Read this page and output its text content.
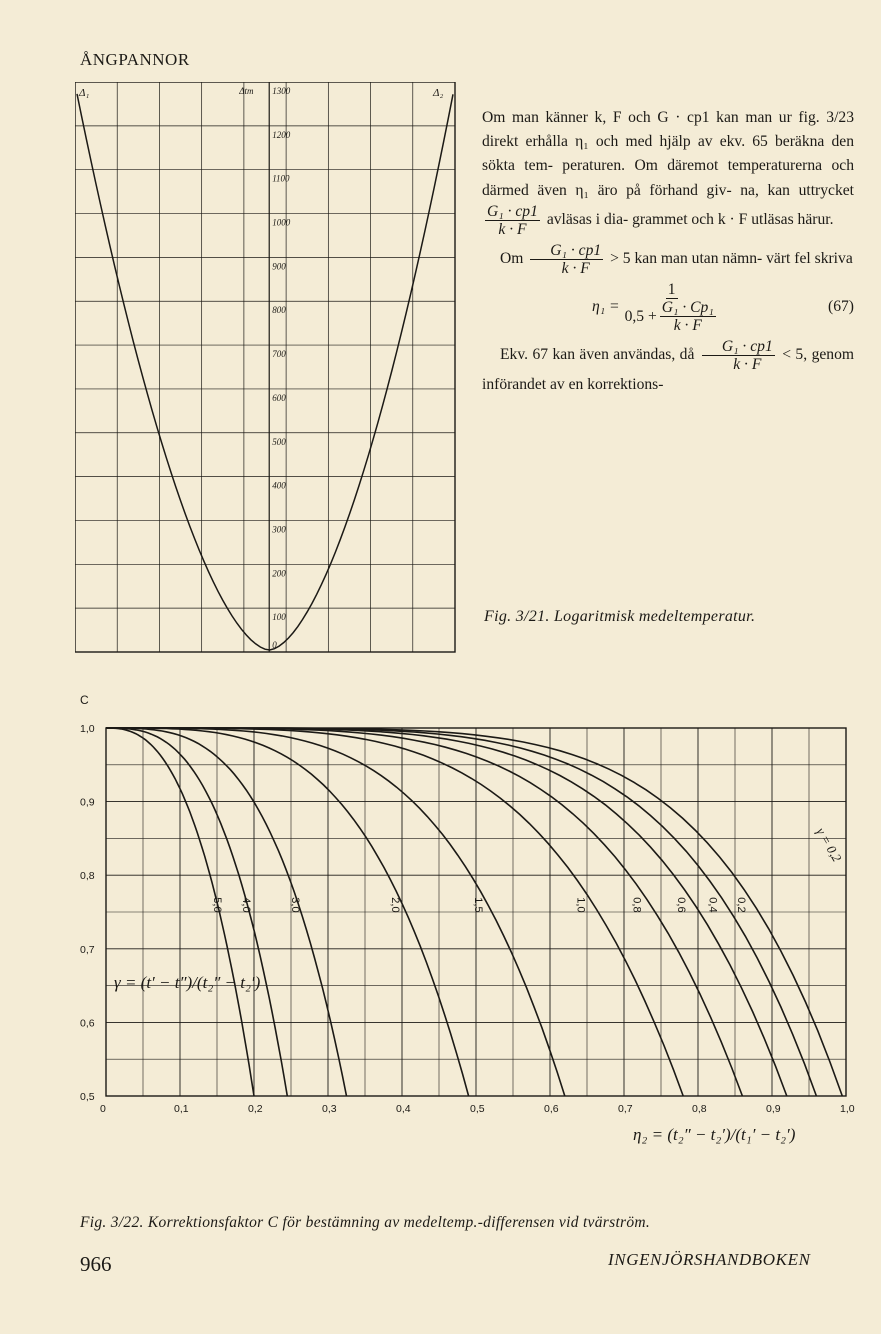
ÅNGPANNOR
1300
1200
1100
1000
900
800
700
600
500
400
300
200
100
0
Δ₁	Δtm	Δ₂

Om man känner k, F och G · cp1 kan man ur fig. 3/23 direkt erhålla η₁ och med hjälp av ekv. 65 beräkna den sökta tem- peraturen. Om däremot temperaturerna och därmed även η₁ äro på förhand giv- na, kan uttrycket
$\frac{\text{G₁ · cp1}}{k \cdot F}$ avläsas i dia- grammet och k · F utläsas härur.

Om $\frac{\text{G₁ · cp1}}{k \cdot F} > 5$ kan man utan nämn- värt fel skriva

η₁ =
1
$0,5 + \frac{\text{G₁ · Cp₁}}{k \cdot F}$	(67)

Ekv. 67 kan även användas, då $\frac{\text{G₁ · cp1}}{k \cdot F} < 5$, genom införandet av en korrektions-

Fig. 3/21. Logaritmisk medeltemperatur.
C
1,0
0,9
0,8
0,7
0,6
0,5
0	0,1	0,2	0,3	0,4	0,5	0,6	0,7	0,8	0,9	1,0
5,0 4,0	3,0	2,0	1,5	1,0	0,8	0,6 0,4 0,2
γ = 0,2
γ = (t′ − t″)/(t₂″ − t₂′)
η₂ = (t₂″ − t₂′)/(t₁′ − t₂′)
Fig. 3/22. Korrektionsfaktor C för bestämning av medeltemp.-differensen vid tvärström.
966	INGENJÖRSHANDBOKEN
